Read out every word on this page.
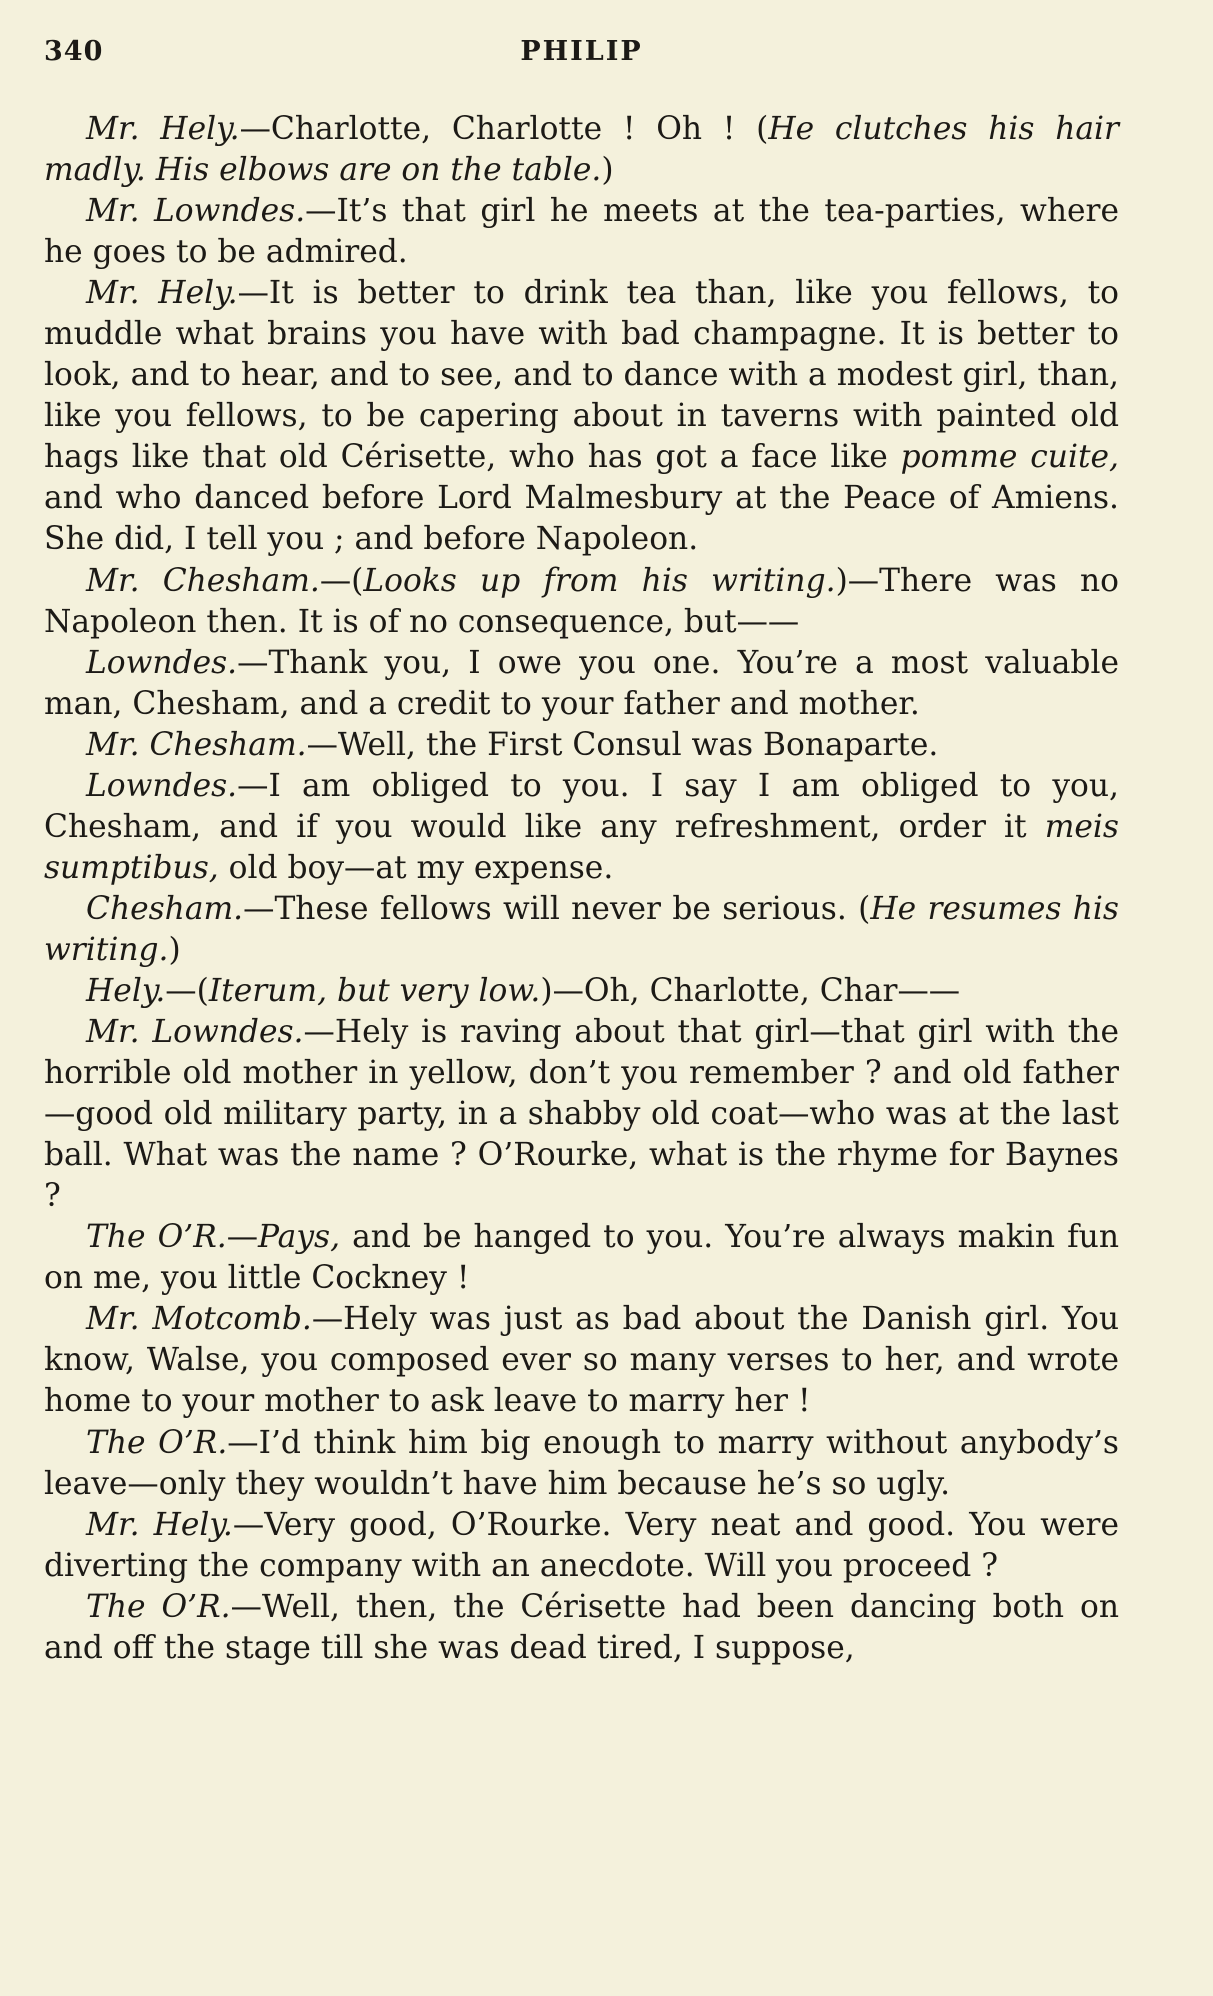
340	PHILIP

Mr. Hely.—Charlotte, Charlotte ! Oh ! (He clutches his hair madly. His elbows are on the table.)

Mr. Lowndes.—It’s that girl he meets at the tea-parties, where he goes to be admired.

Mr. Hely.—It is better to drink tea than, like you fellows, to muddle what brains you have with bad champagne. It is better to look, and to hear, and to see, and to dance with a modest girl, than, like you fellows, to be capering about in taverns with painted old hags like that old Cérisette, who has got a face like pomme cuite, and who danced before Lord Malmesbury at the Peace of Amiens. She did, I tell you ; and before Napoleon.

Mr. Chesham.—(Looks up from his writing.)—There was no Napoleon then. It is of no consequence, but——

Lowndes.—Thank you, I owe you one. You’re a most valuable man, Chesham, and a credit to your father and mother.

Mr. Chesham.—Well, the First Consul was Bonaparte.

Lowndes.—I am obliged to you. I say I am obliged to you, Chesham, and if you would like any refreshment, order it meis sumptibus, old boy—at my expense.

Chesham.—These fellows will never be serious. (He resumes his writing.)

Hely.—(Iterum, but very low.)—Oh, Charlotte, Char——

Mr. Lowndes.—Hely is raving about that girl—that girl with the horrible old mother in yellow, don’t you remember ? and old father—good old military party, in a shabby old coat—who was at the last ball. What was the name ? O’Rourke, what is the rhyme for Baynes ?

The O’R.—Pays, and be hanged to you. You’re always makin fun on me, you little Cockney !

Mr. Motcomb.—Hely was just as bad about the Danish girl. You know, Walse, you composed ever so many verses to her, and wrote home to your mother to ask leave to marry her !

The O’R.—I’d think him big enough to marry without anybody’s leave—only they wouldn’t have him because he’s so ugly.

Mr. Hely.—Very good, O’Rourke. Very neat and good. You were diverting the company with an anecdote. Will you proceed ?

The O’R.—Well, then, the Cérisette had been dancing both on and off the stage till she was dead tired, I suppose,
